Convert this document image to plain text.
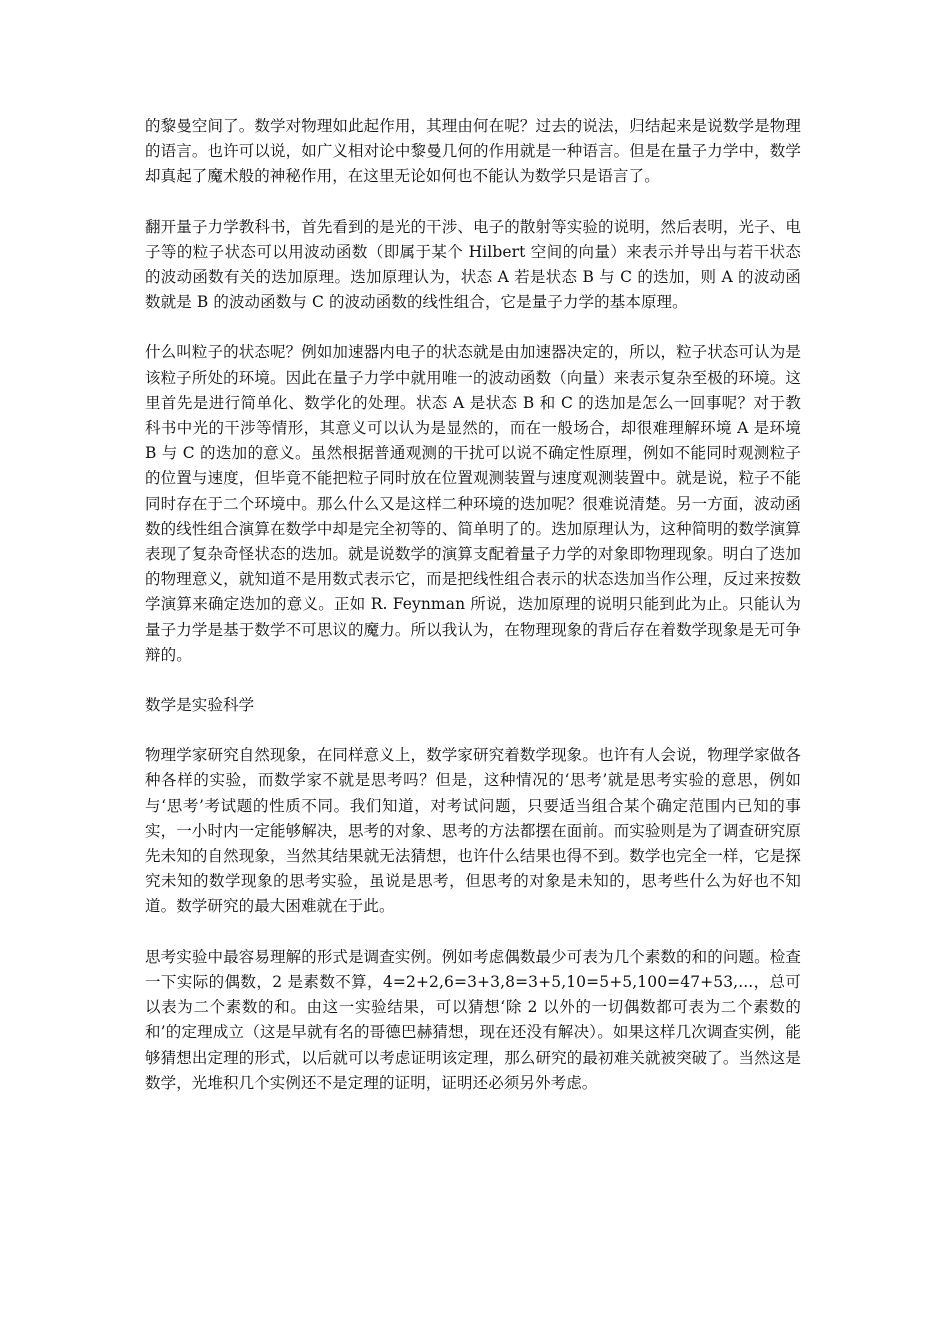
的黎曼空间了。数学对物理如此起作用，其理由何在呢？过去的说法，归结起来是说数学是物理的语言。也许可以说，如广义相对论中黎曼几何的作用就是一种语言。但是在量子力学中，数学却真起了魔术般的神秘作用，在这里无论如何也不能认为数学只是语言了。

翻开量子力学教科书，首先看到的是光的干涉、电子的散射等实验的说明，然后表明，光子、电子等的粒子状态可以用波动函数（即属于某个 Hilbert 空间的向量）来表示并导出与若干状态的波动函数有关的迭加原理。迭加原理认为，状态 A 若是状态 B 与 C 的迭加，则 A 的波动函数就是 B 的波动函数与 C 的波动函数的线性组合，它是量子力学的基本原理。

什么叫粒子的状态呢？例如加速器内电子的状态就是由加速器决定的，所以，粒子状态可认为是该粒子所处的环境。因此在量子力学中就用唯一的波动函数（向量）来表示复杂至极的环境。这里首先是进行简单化、数学化的处理。状态 A 是状态 B 和 C 的迭加是怎么一回事呢？对于教科书中光的干涉等情形，其意义可以认为是显然的，而在一般场合，却很难理解环境 A 是环境 B 与 C 的迭加的意义。虽然根据普通观测的干扰可以说不确定性原理，例如不能同时观测粒子的位置与速度，但毕竟不能把粒子同时放在位置观测装置与速度观测装置中。就是说，粒子不能同时存在于二个环境中。那么什么又是这样二种环境的迭加呢？很难说清楚。另一方面，波动函数的线性组合演算在数学中却是完全初等的、简单明了的。迭加原理认为，这种简明的数学演算表现了复杂奇怪状态的迭加。就是说数学的演算支配着量子力学的对象即物理现象。明白了迭加的物理意义，就知道不是用数式表示它，而是把线性组合表示的状态迭加当作公理，反过来按数学演算来确定迭加的意义。正如 R. Feynman 所说，迭加原理的说明只能到此为止。只能认为量子力学是基于数学不可思议的魔力。所以我认为，在物理现象的背后存在着数学现象是无可争辩的。

数学是实验科学

物理学家研究自然现象，在同样意义上，数学家研究着数学现象。也许有人会说，物理学家做各种各样的实验，而数学家不就是思考吗？但是，这种情况的‘思考’就是思考实验的意思，例如与‘思考’考试题的性质不同。我们知道，对考试问题，只要适当组合某个确定范围内已知的事实，一小时内一定能够解决，思考的对象、思考的方法都摆在面前。而实验则是为了调查研究原先未知的自然现象，当然其结果就无法猜想，也许什么结果也得不到。数学也完全一样，它是探究未知的数学现象的思考实验，虽说是思考，但思考的对象是未知的，思考些什么为好也不知道。数学研究的最大困难就在于此。

思考实验中最容易理解的形式是调查实例。例如考虑偶数最少可表为几个素数的和的问题。检查一下实际的偶数，2 是素数不算，4=2+2,6=3+3,8=3+5,10=5+5,100=47+53,...，总可以表为二个素数的和。由这一实验结果，可以猜想‘除 2 以外的一切偶数都可表为二个素数的和’的定理成立（这是早就有名的哥德巴赫猜想，现在还没有解决）。如果这样几次调查实例，能够猜想出定理的形式，以后就可以考虑证明该定理，那么研究的最初难关就被突破了。当然这是数学，光堆积几个实例还不是定理的证明，证明还必须另外考虑。
